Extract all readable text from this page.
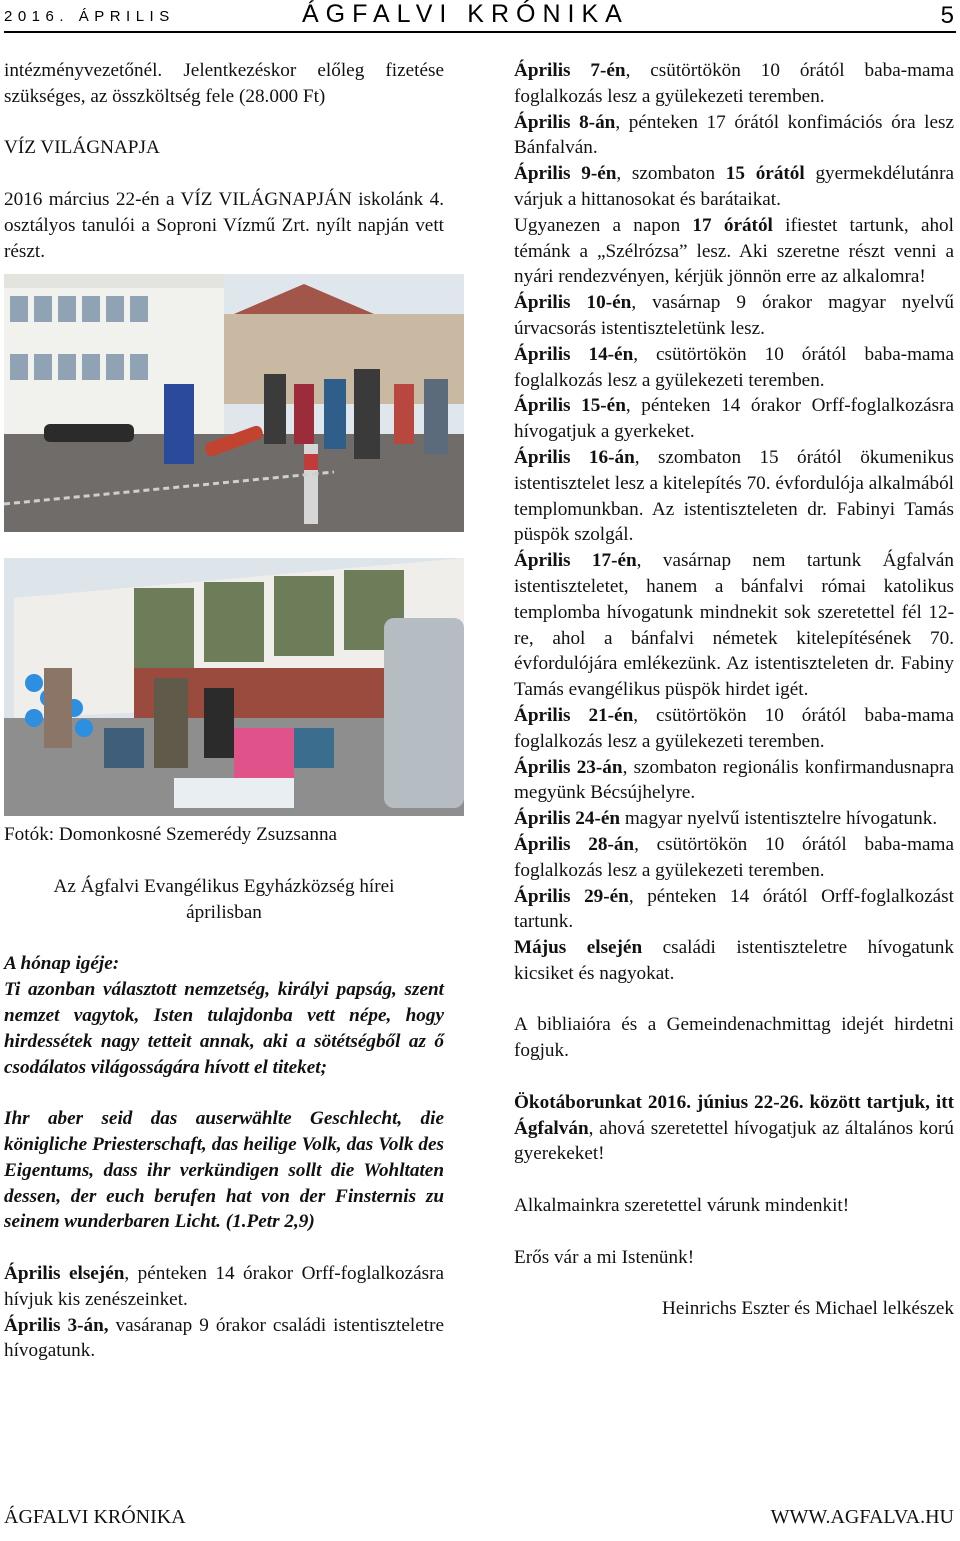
2016. ÁPRILIS	ÁGFALVI KRÓNIKA	5

intézményvezetőnél. Jelentkezéskor előleg fizetése szükséges, az összköltség fele (28.000 Ft)

VÍZ VILÁGNAPJA

2016 március 22-én a VÍZ VILÁGNAPJÁN iskolánk 4. osztályos tanulói a Soproni Vízmű Zrt. nyílt napján vett részt.

Fotók: Domonkosné Szemerédy Zsuzsanna

Az Ágfalvi Evangélikus Egyházközség hírei

áprilisban

A hónap igéje:

Ti azonban választott nemzetség, királyi papság, szent nemzet vagytok, Isten tulajdonba vett népe, hogy hirdessétek nagy tetteit annak, aki a sötétségből az ő csodálatos világosságára hívott el titeket;

Ihr aber seid das auserwählte Geschlecht, die königliche Priesterschaft, das heilige Volk, das Volk des Eigentums, dass ihr verkündigen sollt die Wohltaten dessen, der euch berufen hat von der Finsternis zu seinem wunderbaren Licht. (1.Petr 2,9)

Április elsején, pénteken 14 órakor Orff-foglalkozásra hívjuk kis zenészeinket.

Április 3-án, vasáranap 9 órakor családi istentiszteletre hívogatunk.

Április 7-én, csütörtökön 10 órától baba-mama foglalkozás lesz a gyülekezeti teremben.

Április 8-án, pénteken 17 órától konfimációs óra lesz Bánfalván.

Április 9-én, szombaton 15 órától gyermekdélutánra várjuk a hittanosokat és barátaikat.

Ugyanezen a napon 17 órától ifiestet tartunk, ahol témánk a „Szélrózsa” lesz. Aki szeretne részt venni a nyári rendezvényen, kérjük jönnön erre az alkalomra!

Április 10-én, vasárnap 9 órakor magyar nyelvű úrvacsorás istentiszteletünk lesz.

Április 14-én, csütörtökön 10 órától baba-mama foglalkozás lesz a gyülekezeti teremben.

Április 15-én, pénteken 14 órakor Orff-foglalkozásra hívogatjuk a gyerkeket.

Április 16-án, szombaton 15 órától ökumenikus istentisztelet lesz a kitelepítés 70. évfordulója alkalmából templomunkban. Az istentiszteleten dr. Fabinyi Tamás püspök szolgál.

Április 17-én, vasárnap nem tartunk Ágfalván istentiszteletet, hanem a bánfalvi római katolikus templomba hívogatunk mindnekit sok szeretettel fél 12-re, ahol a bánfalvi németek kitelepítésének 70. évfordulójára emlékezünk. Az istentiszteleten dr. Fabiny Tamás evangélikus püspök hirdet igét.

Április 21-én, csütörtökön 10 órától baba-mama foglalkozás lesz a gyülekezeti teremben.

Április 23-án, szombaton regionális konfirmandusnapra megyünk Bécsújhelyre.

Április 24-én magyar nyelvű istentisztelre hívogatunk.

Április 28-án, csütörtökön 10 órától baba-mama foglalkozás lesz a gyülekezeti teremben.

Április 29-én, pénteken 14 órától Orff-foglalkozást tartunk.

Május elsején családi istentiszteletre hívogatunk kicsiket és nagyokat.

A bibliaióra és a Gemeindenachmittag idejét hirdetni fogjuk.

Ökotáborunkat 2016. június 22-26. között tartjuk, itt Ágfalván, ahová szeretettel hívogatjuk az általános korú gyerekeket!

Alkalmainkra szeretettel várunk mindenkit!

Erős vár a mi Istenünk!

Heinrichs Eszter és Michael lelkészek

ÁGFALVI KRÓNIKA	WWW.AGFALVA.HU
